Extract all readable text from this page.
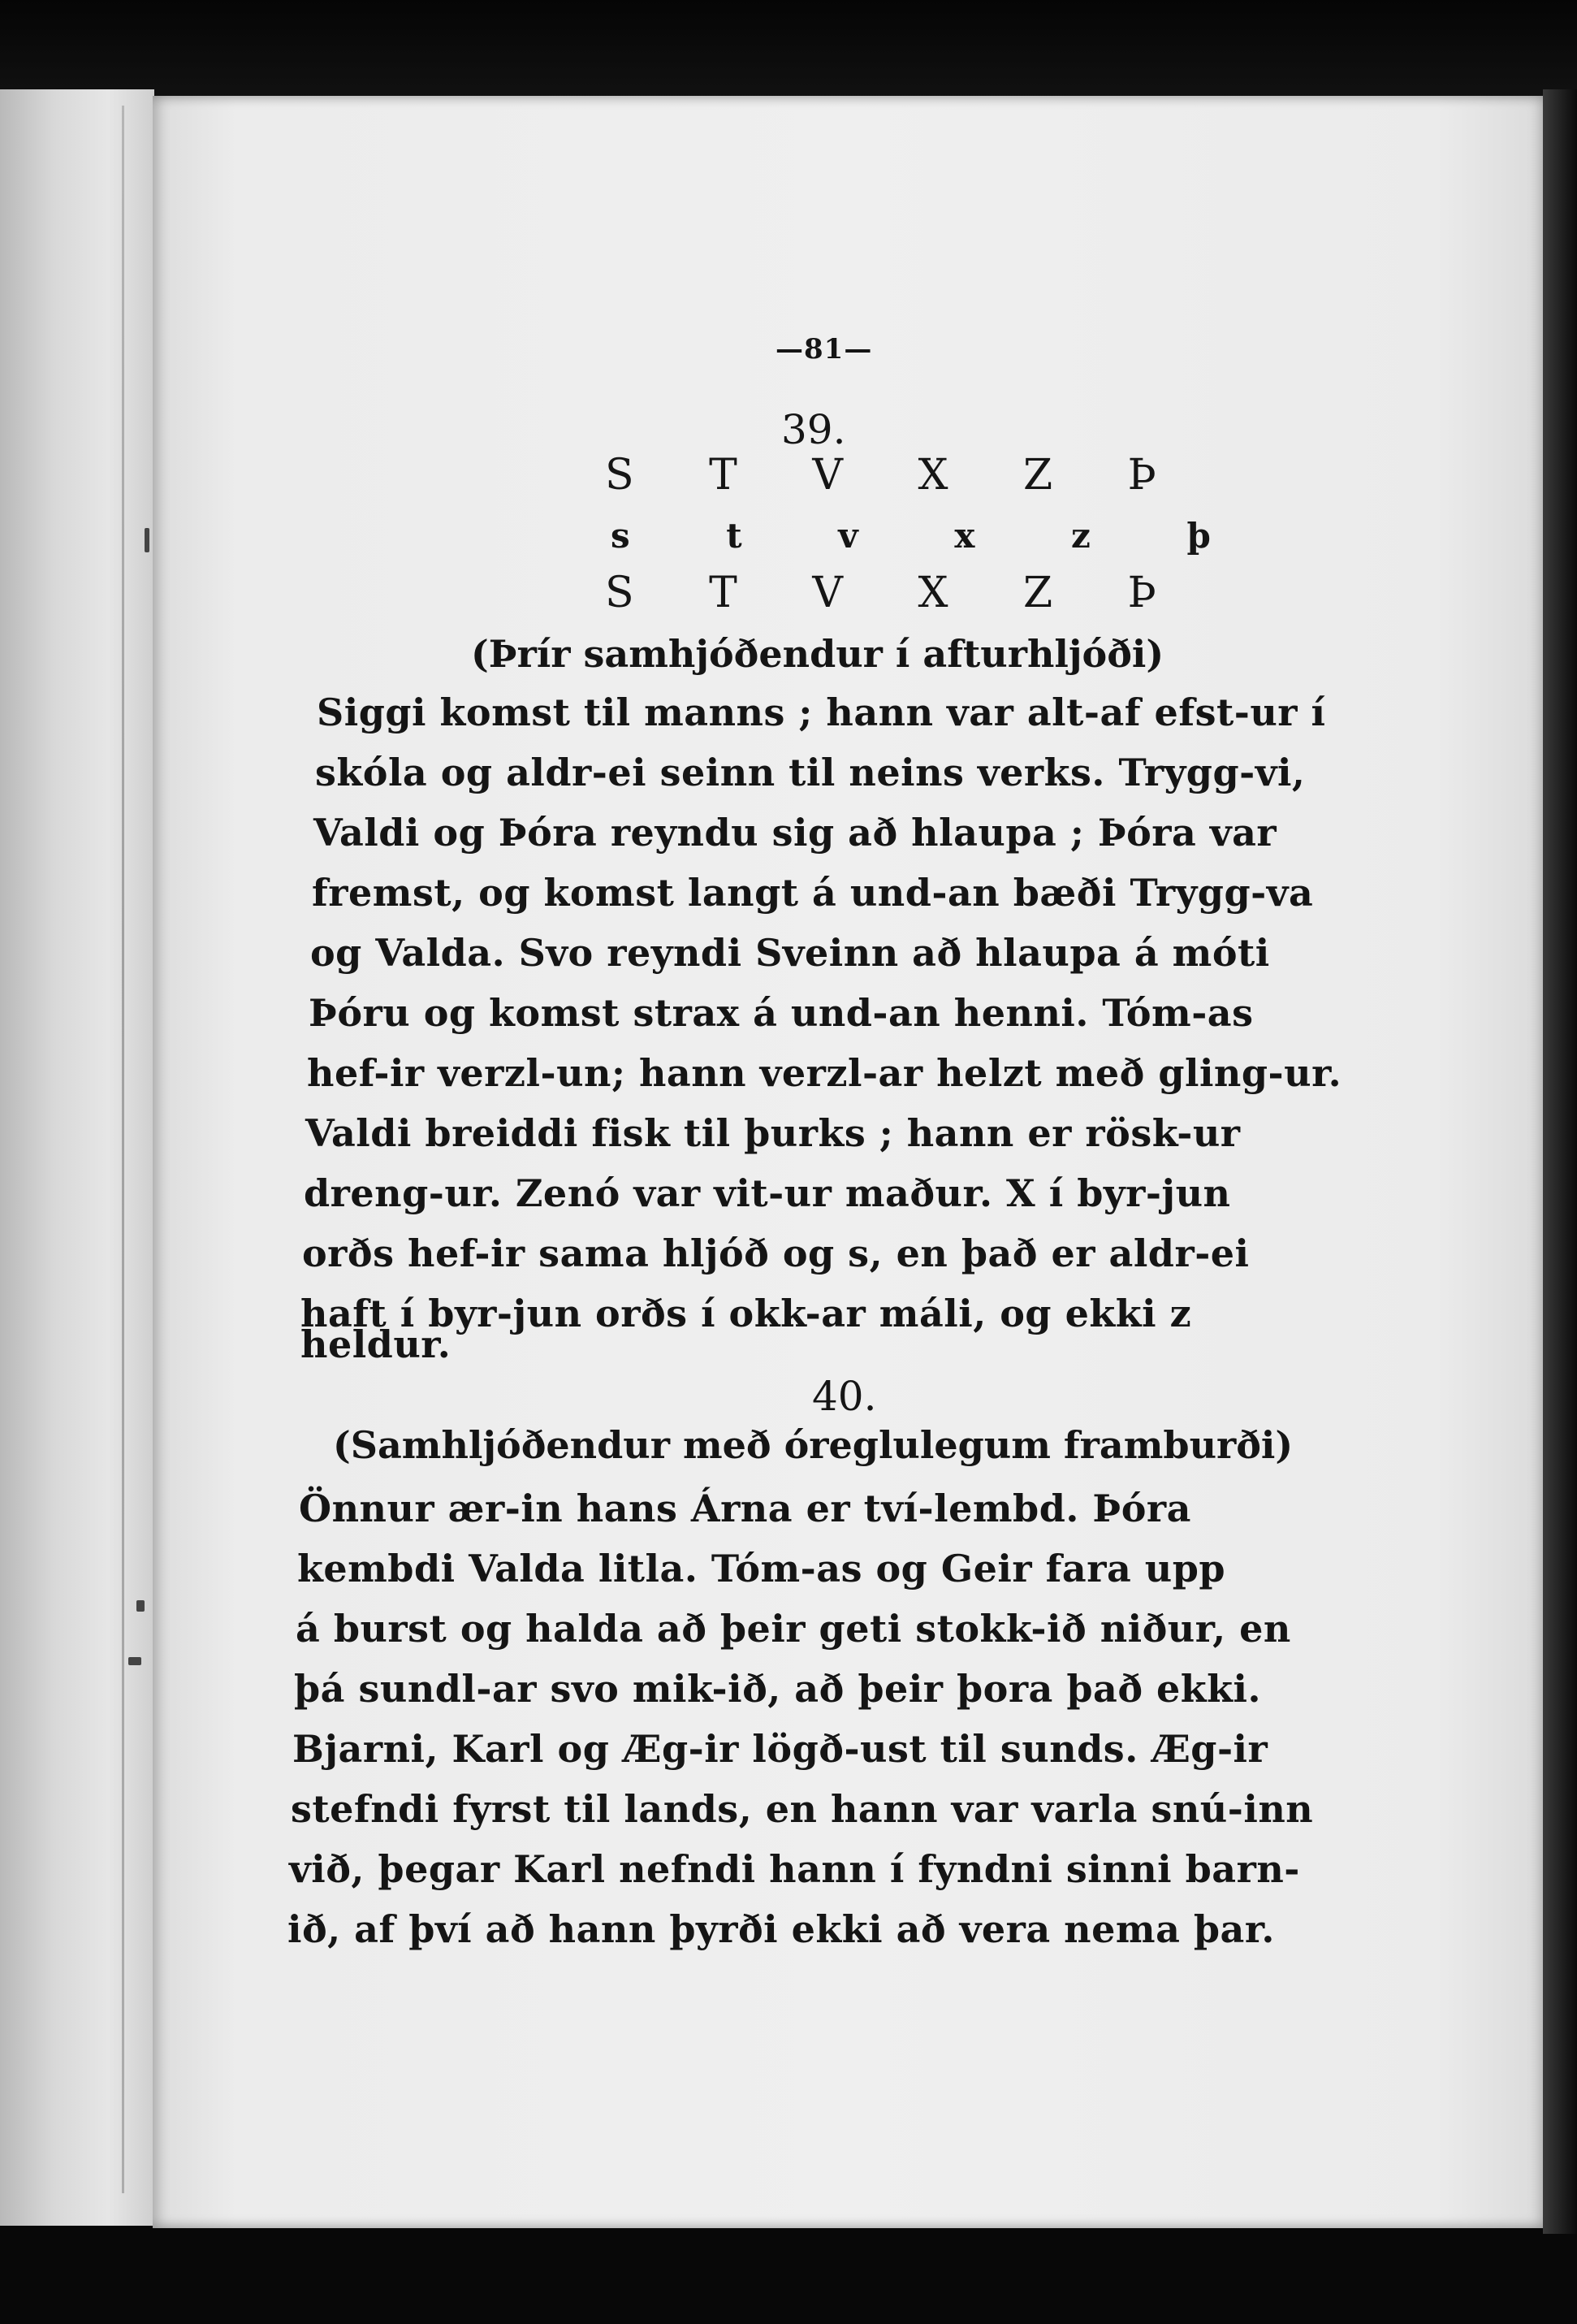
—81—
39.
S T V X Z Þ
s t v x z þ
S T V X Z Þ
(Þrír samhjóðendur í afturhljóði)
Siggi komst til manns ; hann var alt-af efst-ur í
skóla og aldr-ei seinn til neins verks. Trygg-vi,
Valdi og Þóra reyndu sig að hlaupa ; Þóra var
fremst, og komst langt á und-an bæði Trygg-va
og Valda. Svo reyndi Sveinn að hlaupa á móti
Þóru og komst strax á und-an henni. Tóm-as
hef-ir verzl-un; hann verzl-ar helzt með gling-ur.
Valdi breiddi fisk til þurks ; hann er rösk-ur
dreng-ur. Zenó var vit-ur maður. X í byr-jun
orðs hef-ir sama hljóð og s, en það er aldr-ei
haft í byr-jun orðs í okk-ar máli, og ekki z
heldur.
40.
(Samhljóðendur með óreglulegum framburði)
Önnur ær-in hans Árna er tví-lembd. Þóra
kembdi Valda litla. Tóm-as og Geir fara upp
á burst og halda að þeir geti stokk-ið niður, en
þá sundl-ar svo mik-ið, að þeir þora það ekki.
Bjarni, Karl og Æg-ir lögð-ust til sunds. Æg-ir
stefndi fyrst til lands, en hann var varla snú-inn
við, þegar Karl nefndi hann í fyndni sinni barn-
ið, af því að hann þyrði ekki að vera nema þar.
